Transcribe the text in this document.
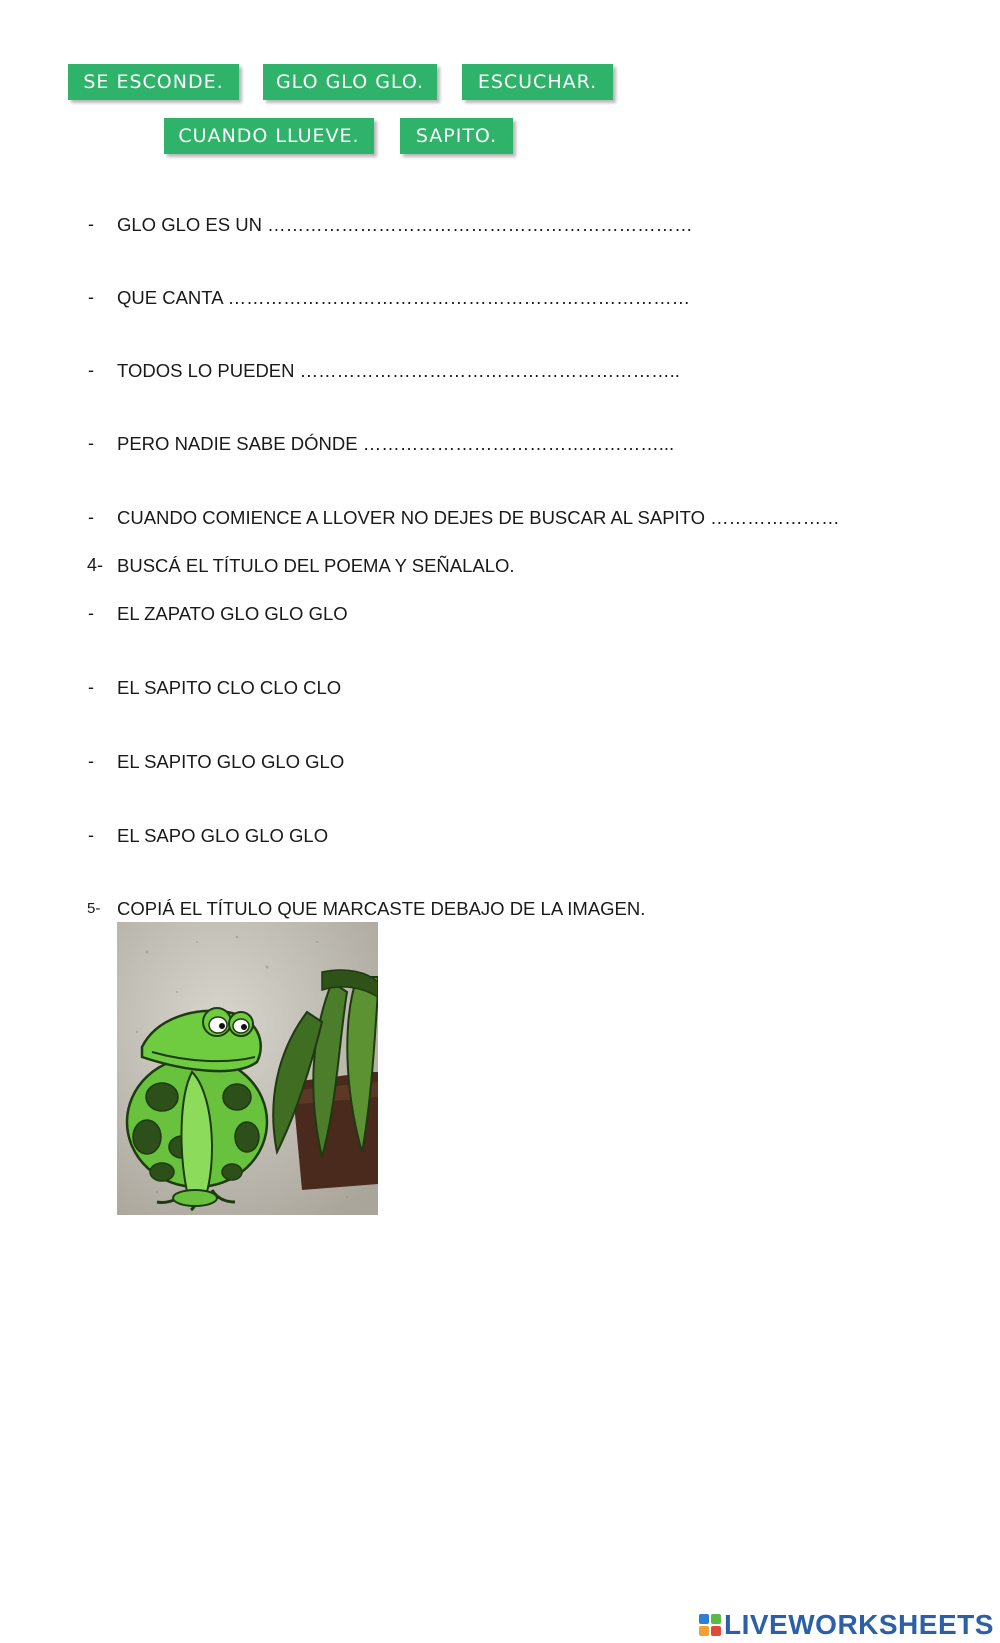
SE ESCONDE.	GLO GLO GLO.	ESCUCHAR.
CUANDO LLUEVE.	SAPITO.
- GLO GLO ES UN ……………………………………………………………
- QUE CANTA …………………………………………………………………
- TODOS LO PUEDEN ……………………………………………………..
- PERO NADIE SABE DÓNDE …………………………………………...
- CUANDO COMIENCE A LLOVER NO DEJES DE BUSCAR AL SAPITO …………………
4- BUSCÁ EL TÍTULO DEL POEMA Y SEÑALALO.
- EL ZAPATO GLO GLO GLO
- EL SAPITO CLO CLO CLO
- EL SAPITO GLO GLO GLO
- EL SAPO GLO GLO GLO
5- COPIÁ EL TÍTULO QUE MARCASTE DEBAJO DE LA IMAGEN.
LIVEWORKSHEETS
